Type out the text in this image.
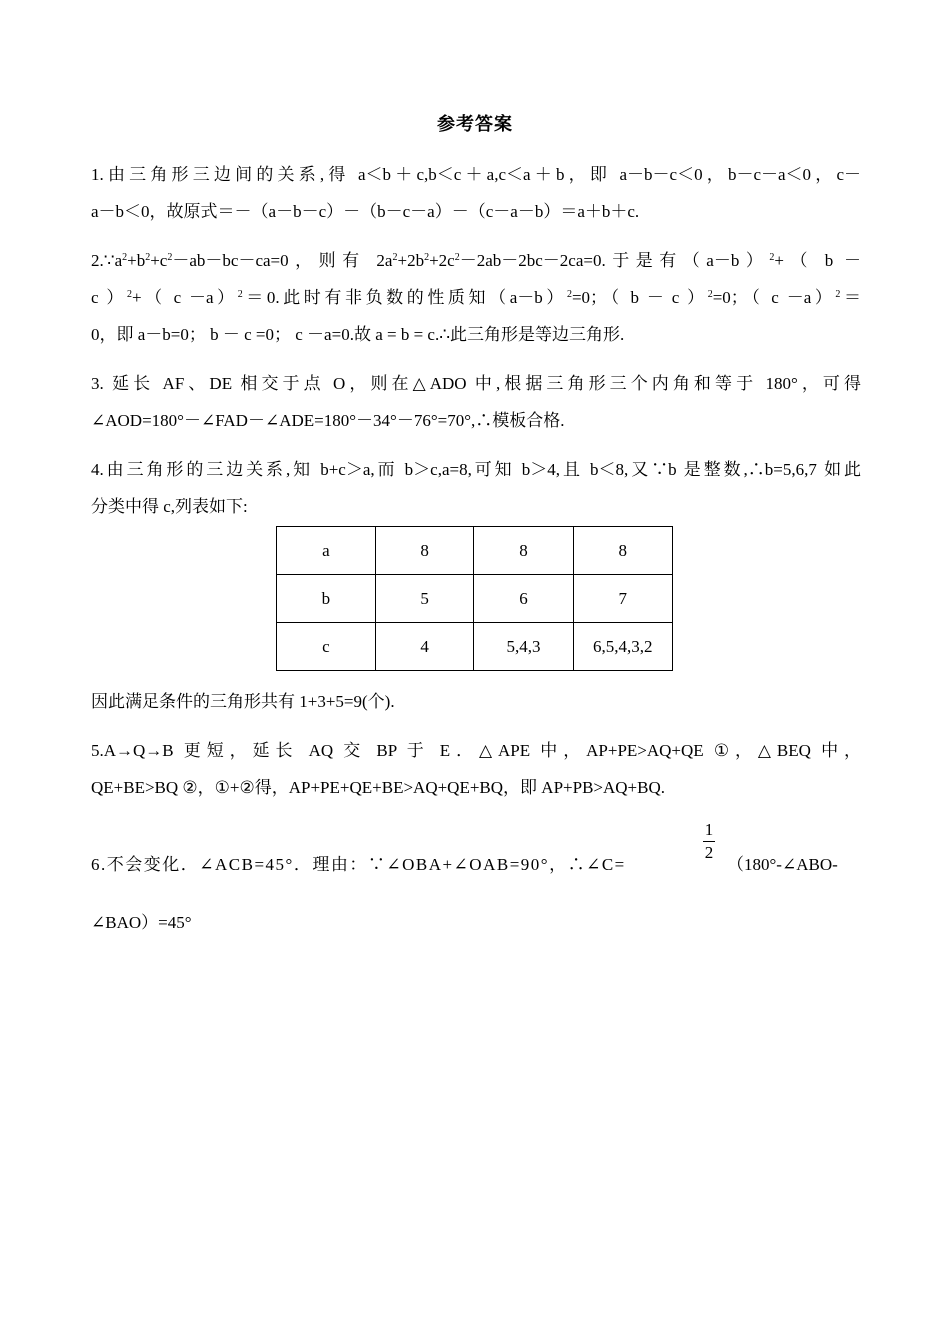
参考答案
1.由三角形三边间的关系,得 a＜b＋c,b＜c＋a,c＜a＋b，即 a－b－c＜0，b－c－a＜0，c－
a－b＜0，故原式＝－（a－b－c）－（b－c－a）－（c－a－b）＝a＋b＋c.
$2.\because a^2+b^2+c^2-ab-bc-ca=0$，则有 $2a^2+2b^2+2c^2-2ab-2bc-2ca=0$.于是有$(a-b)^2+$（ b －
c ）$^2$+（ c －a）$^2$＝0.此时有非负数的性质知$(a-b)^2=0$；（ b － c ）$^2$=0；（ c －a）$^2$＝
0，即 a－b=0； b － c =0； c －a=0.故 a = b = c.∴此三角形是等边三角形.
3. 延长 AF、DE 相交于点 O，则在△ADO 中,根据三角形三个内角和等于 180°，可得
∠AOD=180°－∠FAD－∠ADE=180°－34°－76°=70°,∴模板合格.
4.由三角形的三边关系,知 b+c＞a,而 b＞c,a=8,可知 b＞4,且 b＜8,又∵b 是整数,∴b=5,6,7 如此
分类中得 c,列表如下:
a	8	8	8
b	5	6	7
c	4	5,4,3	6,5,4,3,2
因此满足条件的三角形共有 1+3+5=9(个).
5.A→Q→B 更短，延长 AQ 交 BP 于 E．△APE 中，AP+PE>AQ+QE ①，△BEQ 中，
QE+BE>BQ ②，①+②得，AP+PE+QE+BE>AQ+QE+BQ，即 AP+PB>AQ+BQ.
6.不会变化．∠ACB=45°．理由：∵∠OBA+∠OAB=90°，∴∠C=	（180°-∠ABO-
∠BAO）=45°
1
2
